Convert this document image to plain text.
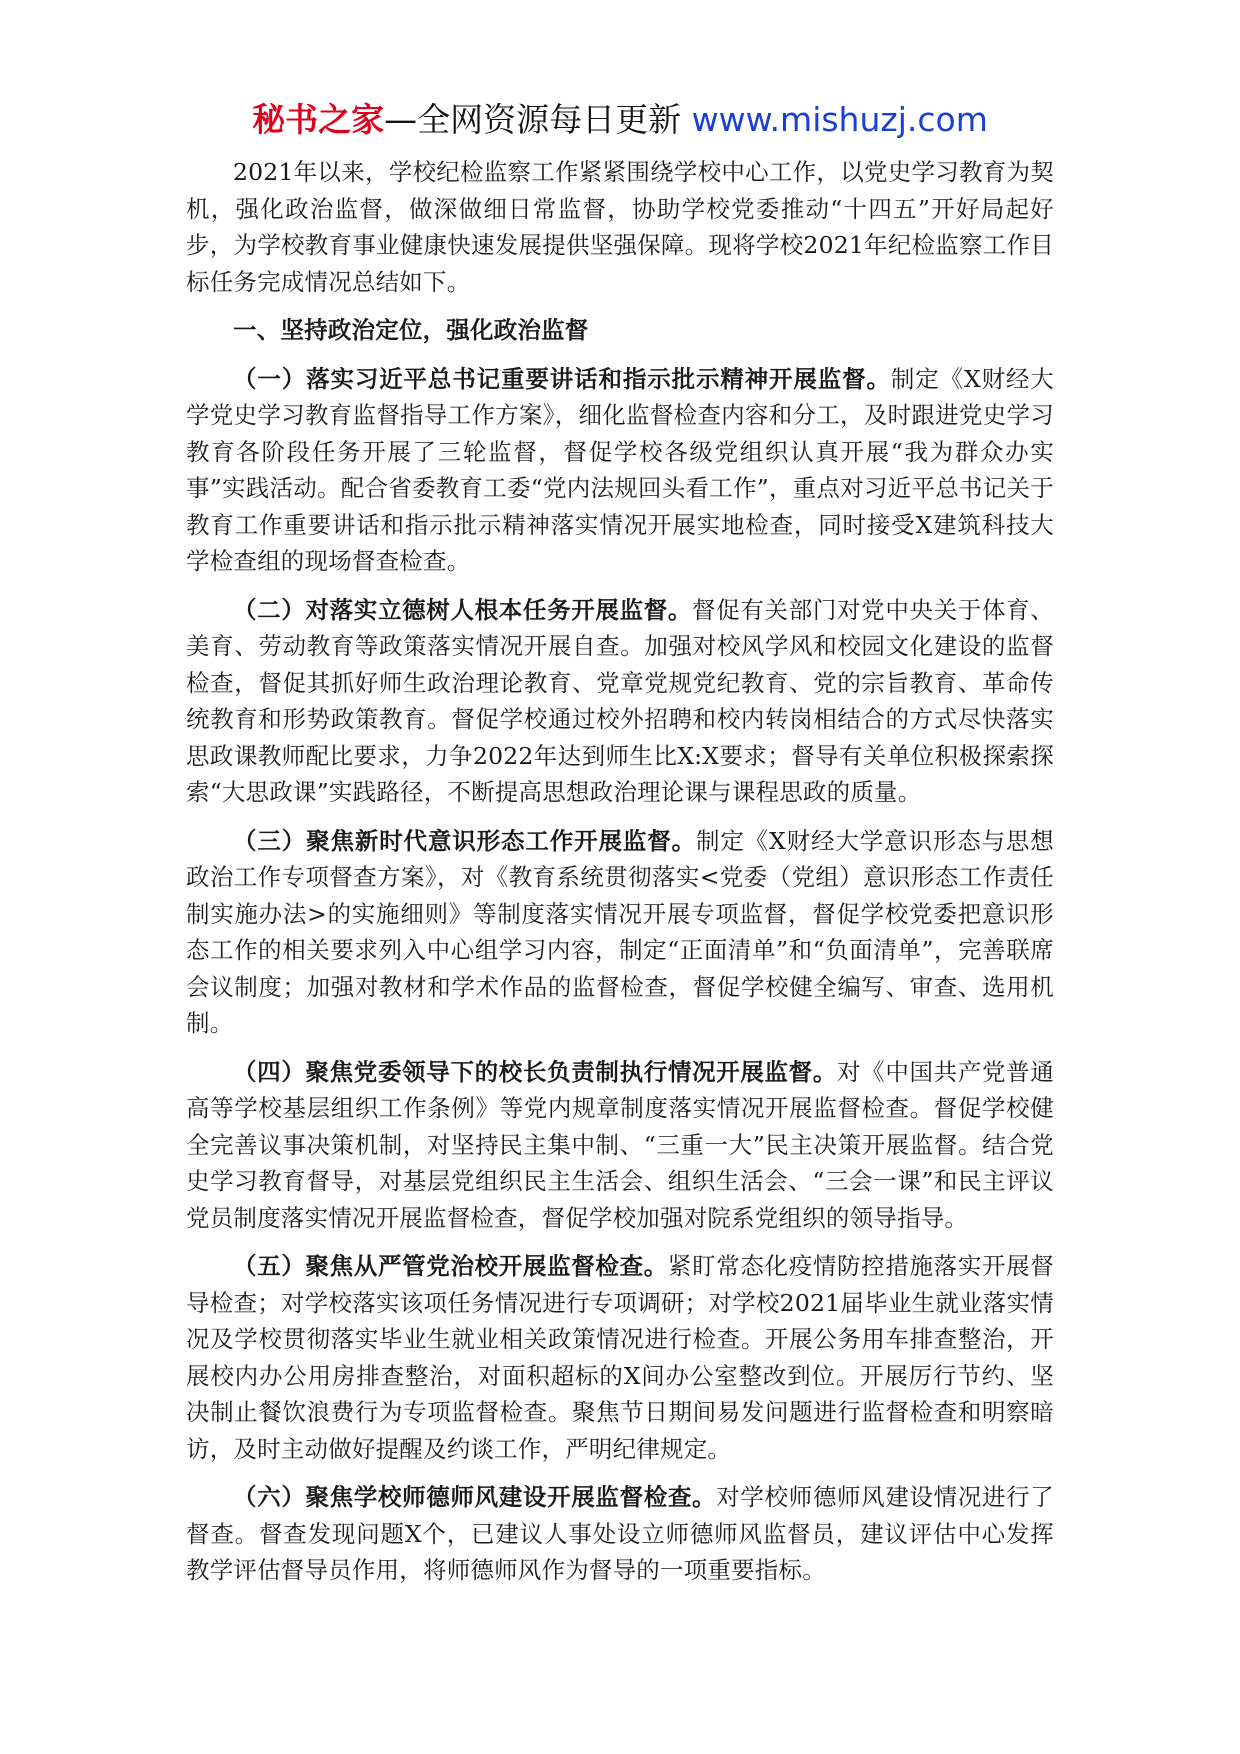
秘书之家—全网资源每日更新 www.mishuzj.com

2021年以来，学校纪检监察工作紧紧围绕学校中心工作，以党史学习教育为契机，强化政治监督，做深做细日常监督，协助学校党委推动“十四五”开好局起好步，为学校教育事业健康快速发展提供坚强保障。现将学校2021年纪检监察工作目标任务完成情况总结如下。

一、坚持政治定位，强化政治监督

（一）落实习近平总书记重要讲话和指示批示精神开展监督。制定《X财经大学党史学习教育监督指导工作方案》，细化监督检查内容和分工，及时跟进党史学习教育各阶段任务开展了三轮监督，督促学校各级党组织认真开展“我为群众办实事”实践活动。配合省委教育工委“党内法规回头看工作”，重点对习近平总书记关于教育工作重要讲话和指示批示精神落实情况开展实地检查，同时接受X建筑科技大学检查组的现场督查检查。

（二）对落实立德树人根本任务开展监督。督促有关部门对党中央关于体育、美育、劳动教育等政策落实情况开展自查。加强对校风学风和校园文化建设的监督检查，督促其抓好师生政治理论教育、党章党规党纪教育、党的宗旨教育、革命传统教育和形势政策教育。督促学校通过校外招聘和校内转岗相结合的方式尽快落实思政课教师配比要求，力争2022年达到师生比X:X要求；督导有关单位积极探索探索“大思政课”实践路径，不断提高思想政治理论课与课程思政的质量。

（三）聚焦新时代意识形态工作开展监督。制定《X财经大学意识形态与思想政治工作专项督查方案》，对《教育系统贯彻落实<党委（党组）意识形态工作责任制实施办法>的实施细则》等制度落实情况开展专项监督，督促学校党委把意识形态工作的相关要求列入中心组学习内容，制定“正面清单”和“负面清单”，完善联席会议制度；加强对教材和学术作品的监督检查，督促学校健全编写、审查、选用机制。

（四）聚焦党委领导下的校长负责制执行情况开展监督。对《中国共产党普通高等学校基层组织工作条例》等党内规章制度落实情况开展监督检查。督促学校健全完善议事决策机制，对坚持民主集中制、“三重一大”民主决策开展监督。结合党史学习教育督导，对基层党组织民主生活会、组织生活会、“三会一课”和民主评议党员制度落实情况开展监督检查，督促学校加强对院系党组织的领导指导。

（五）聚焦从严管党治校开展监督检查。紧盯常态化疫情防控措施落实开展督导检查；对学校落实该项任务情况进行专项调研；对学校2021届毕业生就业落实情况及学校贯彻落实毕业生就业相关政策情况进行检查。开展公务用车排查整治，开展校内办公用房排查整治，对面积超标的X间办公室整改到位。开展厉行节约、坚决制止餐饮浪费行为专项监督检查。聚焦节日期间易发问题进行监督检查和明察暗访，及时主动做好提醒及约谈工作，严明纪律规定。

（六）聚焦学校师德师风建设开展监督检查。对学校师德师风建设情况进行了督查。督查发现问题X个，已建议人事处设立师德师风监督员，建议评估中心发挥教学评估督导员作用，将师德师风作为督导的一项重要指标。
